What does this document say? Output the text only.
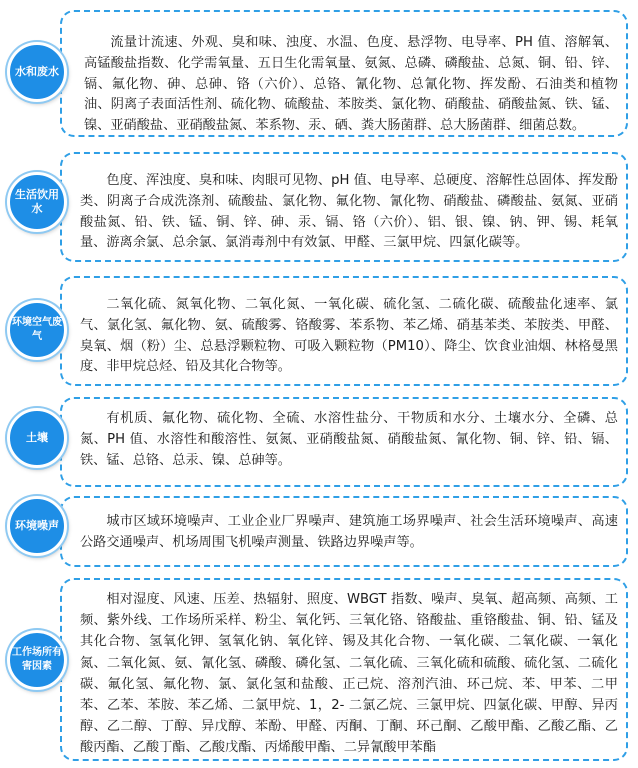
流量计流速、外观、臭和味、浊度、水温、色度、悬浮物、电导率、PH 值、溶解氧、高锰酸盐指数、化学需氧量、五日生化需氧量、氨氮、总磷、磷酸盐、总氮、铜、铅、锌、镉、氟化物、砷、总砷、铬（六价）、总铬、氰化物、总氰化物、挥发酚、石油类和植物油、阴离子表面活性剂、硫化物、硫酸盐、苯胺类、氯化物、硝酸盐、硝酸盐氮、铁、锰、镍、亚硝酸盐、亚硝酸盐氮、苯系物、汞、硒、粪大肠菌群、总大肠菌群、细菌总数。

水和废水

色度、浑浊度、臭和味、肉眼可见物、pH 值、电导率、总硬度、溶解性总固体、挥发酚类、阴离子合成洗涤剂、硫酸盐、氯化物、氟化物、氰化物、硝酸盐、磷酸盐、氨氮、亚硝酸盐氮、铅、铁、锰、铜、锌、砷、汞、镉、铬（六价）、铝、银、镍、钠、钾、锡、耗氧量、游离余氯、总余氯、氯消毒剂中有效氯、甲醛、三氯甲烷、四氯化碳等。

生活饮用水

二氧化硫、氮氧化物、二氧化氮、一氧化碳、硫化氢、二硫化碳、硫酸盐化速率、氯气、氯化氢、氟化物、氨、硫酸雾、铬酸雾、苯系物、苯乙烯、硝基苯类、苯胺类、甲醛、臭氧、烟（粉）尘、总悬浮颗粒物、可吸入颗粒物（PM10）、降尘、饮食业油烟、林格曼黑度、非甲烷总烃、铅及其化合物等。

环境空气废气

有机质、氟化物、硫化物、全硫、水溶性盐分、干物质和水分、土壤水分、全磷、总氮、PH 值、水溶性和酸溶性、氨氮、亚硝酸盐氮、硝酸盐氮、氰化物、铜、锌、铅、镉、铁、锰、总铬、总汞、镍、总砷等。

土壤

城市区域环境噪声、工业企业厂界噪声、建筑施工场界噪声、社会生活环境噪声、高速公路交通噪声、机场周围飞机噪声测量、铁路边界噪声等。

环境噪声

相对湿度、风速、压差、热辐射、照度、WBGT 指数、噪声、臭氧、超高频、高频、工频、紫外线、工作场所采样、粉尘、氧化钙、三氧化铬、铬酸盐、重铬酸盐、铜、铅、锰及其化合物、氢氧化钾、氢氧化钠、氧化锌、锡及其化合物、一氧化碳、二氧化碳、一氧化氮、二氧化氮、氨、氰化氢、磷酸、磷化氢、二氧化硫、三氧化硫和硫酸、硫化氢、二硫化碳、氟化氢、氟化物、氯、氯化氢和盐酸、正己烷、溶剂汽油、环己烷、苯、甲苯、二甲苯、乙苯、苯胺、苯乙烯、二氯甲烷、1，2- 二氯乙烷、三氯甲烷、四氯化碳、甲醇、异丙醇、乙二醇、丁醇、异戊醇、苯酚、甲醛、丙酮、丁酮、环己酮、乙酸甲酯、乙酸乙酯、乙酸丙酯、乙酸丁酯、乙酸戊酯、丙烯酸甲酯、二异氰酸甲苯酯

工作场所有害因素
